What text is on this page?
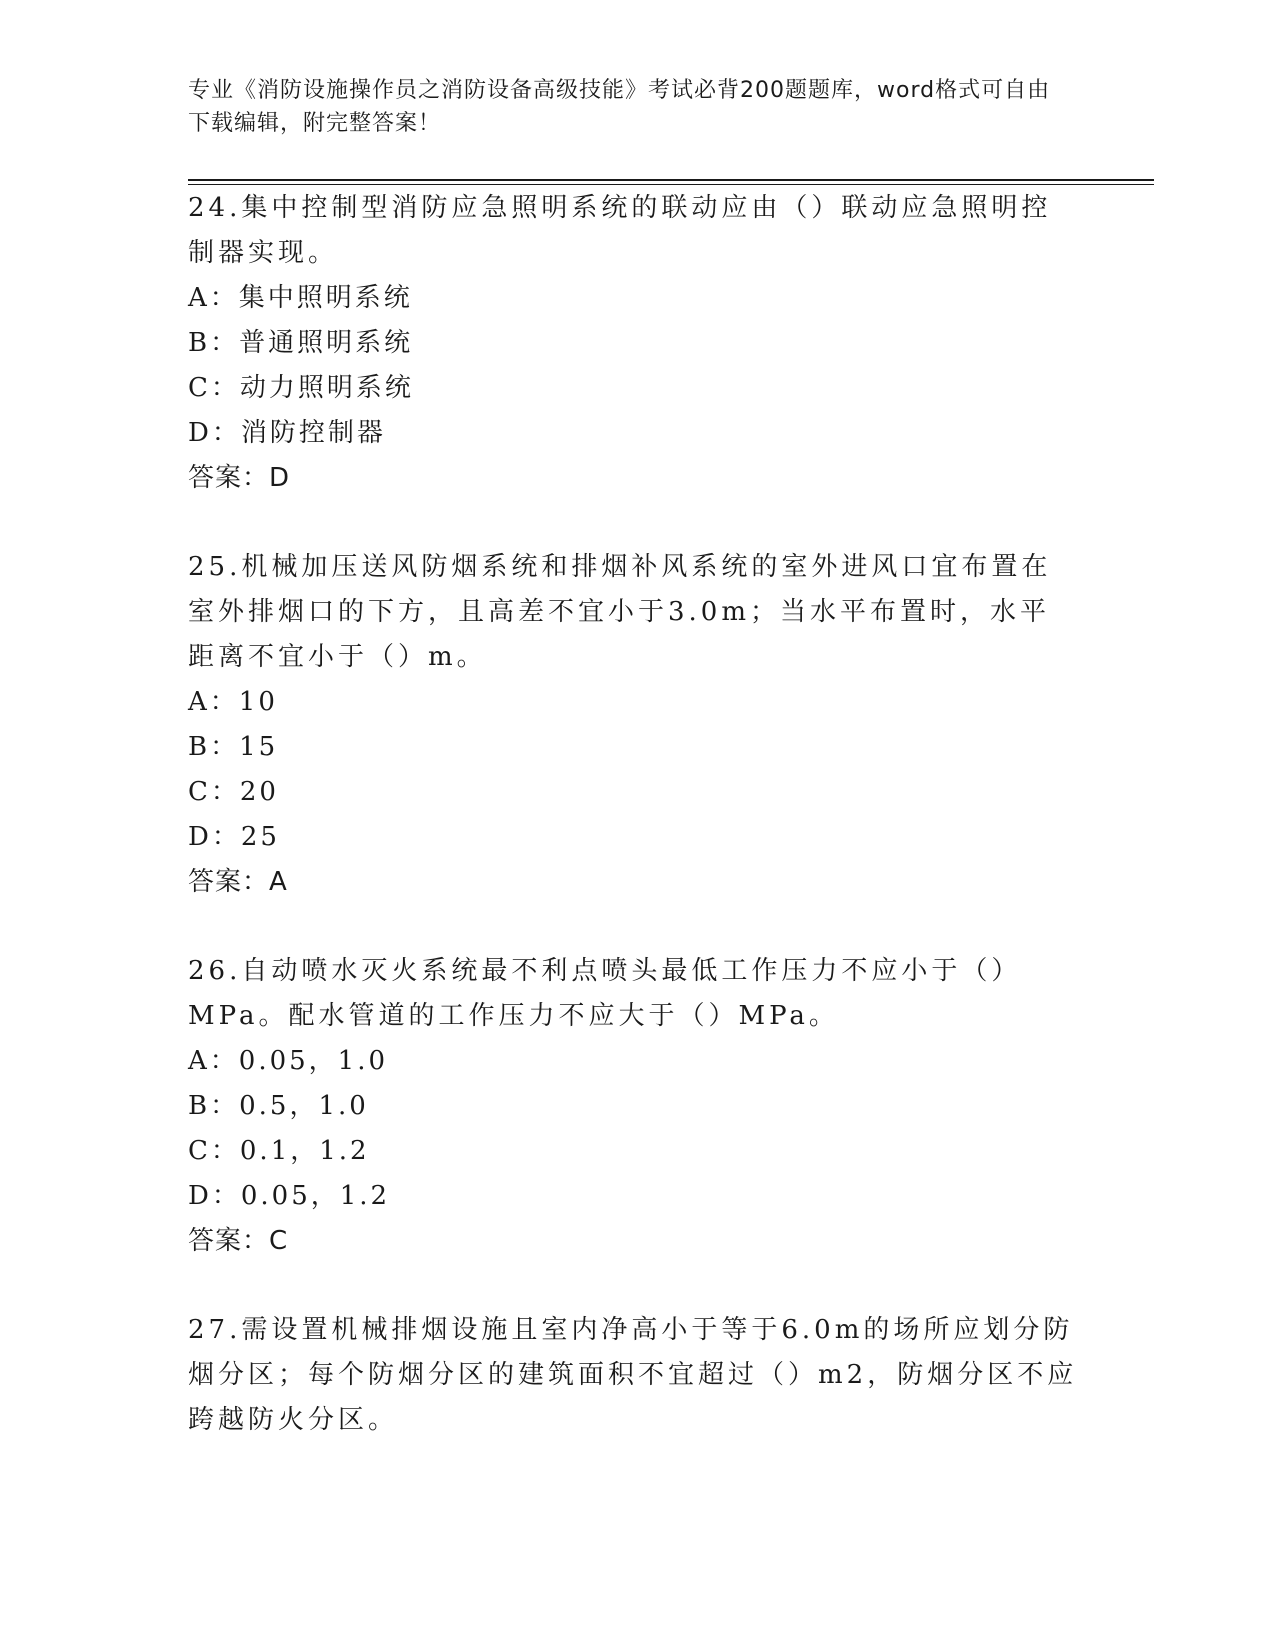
专业《消防设施操作员之消防设备高级技能》考试必背200题题库，word格式可自由下载编辑，附完整答案！

24.集中控制型消防应急照明系统的联动应由（）联动应急照明控制器实现。

A：集中照明系统

B：普通照明系统

C：动力照明系统

D：消防控制器

答案：D

25.机械加压送风防烟系统和排烟补风系统的室外进风口宜布置在室外排烟口的下方，且高差不宜小于3.0m；当水平布置时，水平距离不宜小于（）m。

A：10

B：15

C：20

D：25

答案：A

26.自动喷水灭火系统最不利点喷头最低工作压力不应小于（）MPa。配水管道的工作压力不应大于（）MPa。

A：0.05，1.0

B：0.5，1.0

C：0.1，1.2

D：0.05，1.2

答案：C

27.需设置机械排烟设施且室内净高小于等于6.0m的场所应划分防烟分区；每个防烟分区的建筑面积不宜超过（）m2，防烟分区不应跨越防火分区。
